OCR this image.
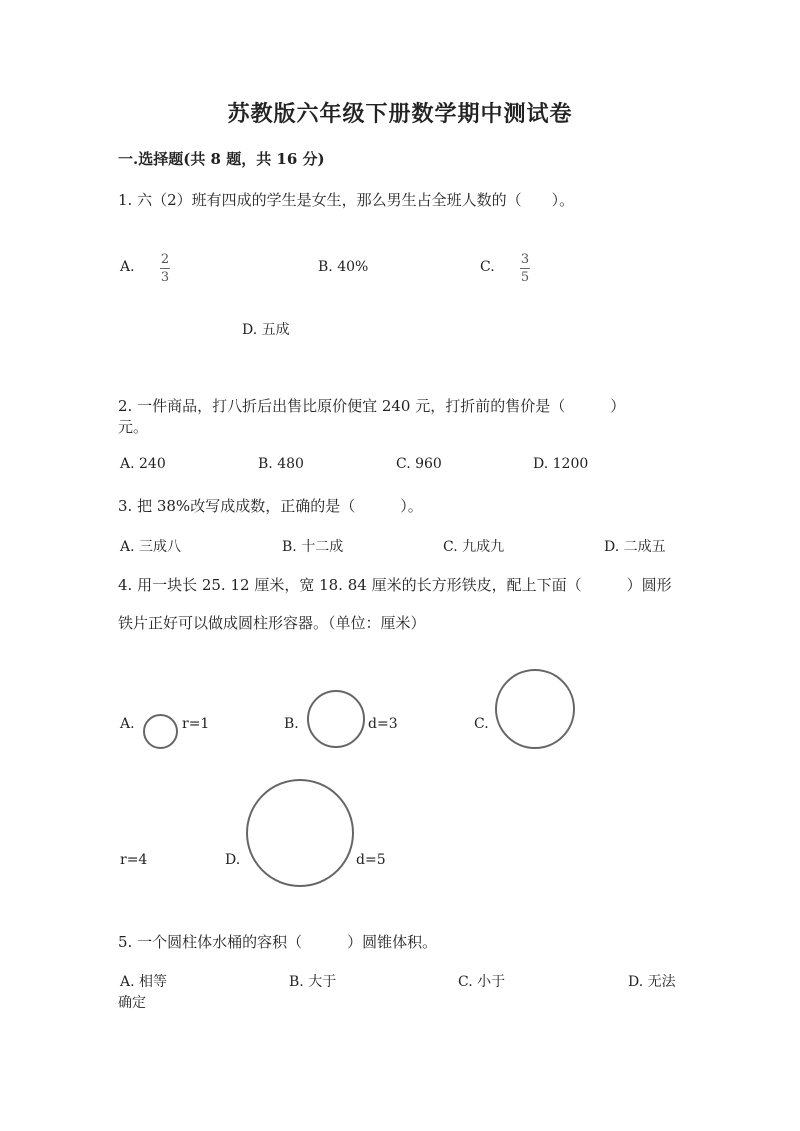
苏教版六年级下册数学期中测试卷
一.选择题(共 8 题，共 16 分)
1. 六（2）班有四成的学生是女生，那么男生占全班人数的（　　）。
A. 2
3
B. 40%	C. 3
5
D. 五成
2. 一件商品，打八折后出售比原价便宜 240 元，打折前的售价是（　　　）
元。
A. 240	B. 480	C. 960	D. 1200
3. 把 38%改写成成数，正确的是（　　　）。
A. 三成八	B. 十二成	C. 九成九	D. 二成五
4. 用一块长 25. 12 厘米，宽 18. 84 厘米的长方形铁皮，配上下面（　　　）圆形
铁片正好可以做成圆柱形容器。（单位：厘米）
A.	r=1	B.	d=3	C.
r=4	D.	d=5
5. 一个圆柱体水桶的容积（　　　）圆锥体积。
A. 相等	B. 大于	C. 小于	D. 无法
确定
